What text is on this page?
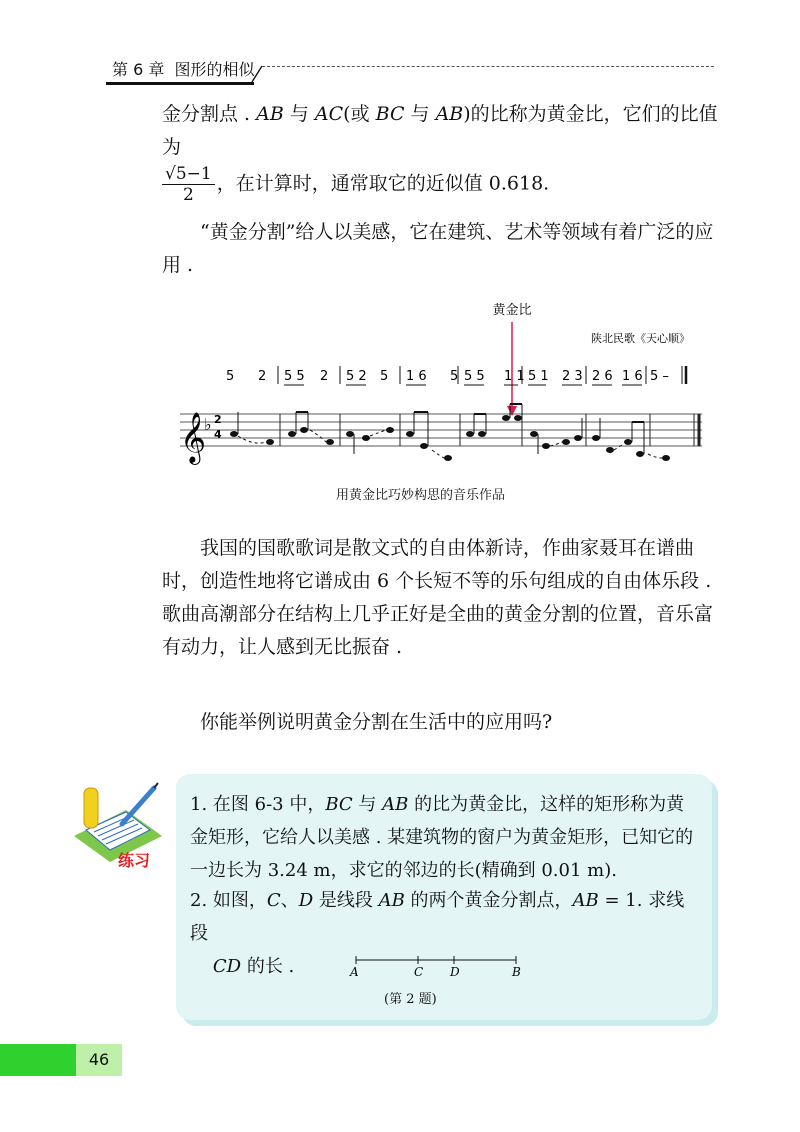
第 6 章 图形的相似

金分割点 . AB 与 AC(或 BC 与 AB)的比称为黄金比，它们的比值为

$\frac{√5-1}{2}$ ，在计算时，通常取它的近似值 0.618.

“黄金分割”给人以美感，它在建筑、艺术等领域有着广泛的应用 .

黄金比
陕北民歌《天心顺》
5 2 5 5 2 5 2 5 1 6 5 5 5 1 1 5 1 2 3 2 6 1 6 5 –
𝄞
♭ 2
4
用黄金比巧妙构思的音乐作品

我国的国歌歌词是散文式的自由体新诗，作曲家聂耳在谱曲时，创造性地将它谱成由 6 个长短不等的乐句组成的自由体乐段 . 歌曲高潮部分在结构上几乎正好是全曲的黄金分割的位置，音乐富有动力，让人感到无比振奋 .

你能举例说明黄金分割在生活中的应用吗?

练习

1. 在图 6-3 中，BC 与 AB 的比为黄金比，这样的矩形称为黄金矩形，它给人以美感 . 某建筑物的窗户为黄金矩形，已知它的一边长为 3.24 m，求它的邻边的长(精确到 0.01 m).

2. 如图，C、D 是线段 AB 的两个黄金分割点，AB = 1. 求线段
CD 的长 .	A	C D	B
(第 2 题)
46
